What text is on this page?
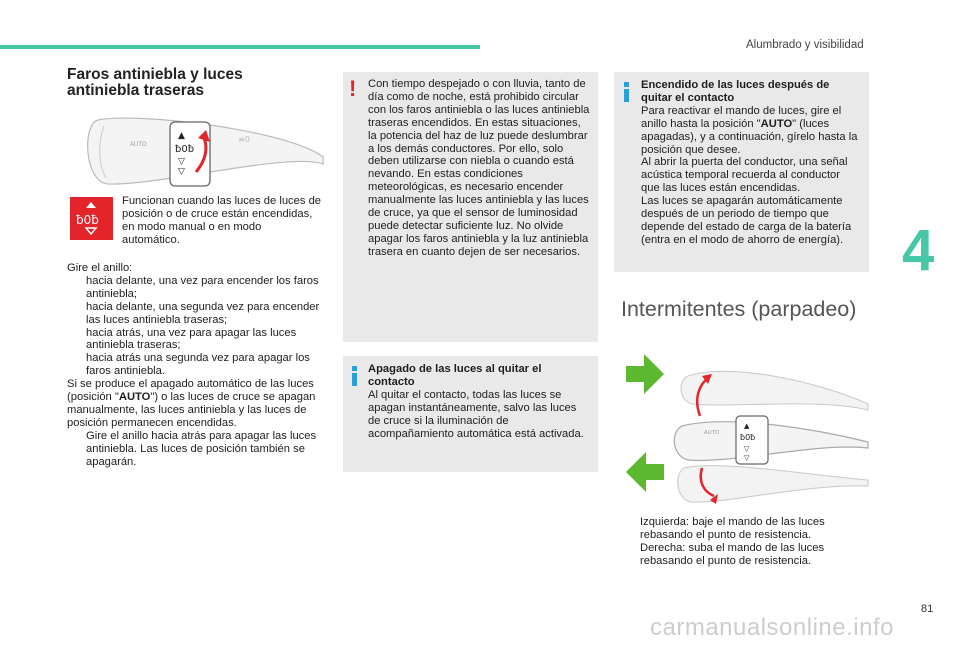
Alumbrado y visibilidad
4
Faros antiniebla y luces antiniebla traseras
AUTO
▲
ƀ0ƀ
▽
▽
≡0
ƀ0ƀ
Funcionan cuando las luces de luces de posición o de cruce están encendidas, en modo manual o en modo automático.

Gire el anillo:

hacia delante, una vez para encender los faros antiniebla;
hacia delante, una segunda vez para encender las luces antiniebla traseras;
hacia atrás, una vez para apagar las luces antiniebla traseras;
hacia atrás una segunda vez para apagar los faros antiniebla.

Si se produce el apagado automático de las luces (posición "AUTO") o las luces de cruce se apagan manualmente, las luces antiniebla y las luces de posición permanecen encendidas.

Gire el anillo hacia atrás para apagar las luces antiniebla. Las luces de posición también se apagarán.
Con tiempo despejado o con lluvia, tanto de día como de noche, está prohibido circular con los faros antiniebla o las luces antiniebla traseras encendidos. En estas situaciones, la potencia del haz de luz puede deslumbrar a los demás conductores. Por ello, solo deben utilizarse con niebla o cuando está nevando. En estas condiciones meteorológicas, es necesario encender manualmente las luces antiniebla y las luces de cruce, ya que el sensor de luminosidad puede detectar suficiente luz. No olvide apagar los faros antiniebla y la luz antiniebla trasera en cuanto dejen de ser necesarios.
!

Apagado de las luces al quitar el contacto

Al quitar el contacto, todas las luces se apagan instantáneamente, salvo las luces de cruce si la iluminación de acompañamiento automática está activada.

Encendido de las luces después de quitar el contacto

Para reactivar el mando de luces, gire el anillo hasta la posición "AUTO" (luces apagadas), y a continuación, gírelo hasta la posición que desee.

Al abrir la puerta del conductor, una señal acústica temporal recuerda al conductor que las luces están encendidas.

Las luces se apagarán automáticamente después de un periodo de tiempo que depende del estado de carga de la batería (entra en el modo de ahorro de energía).

Intermitentes (parpadeo)
AUTO
▲
ƀ0ƀ
▽
▽
Izquierda: baje el mando de las luces rebasando el punto de resistencia.
Derecha: suba el mando de las luces rebasando el punto de resistencia.
81
carmanualsonline.info
